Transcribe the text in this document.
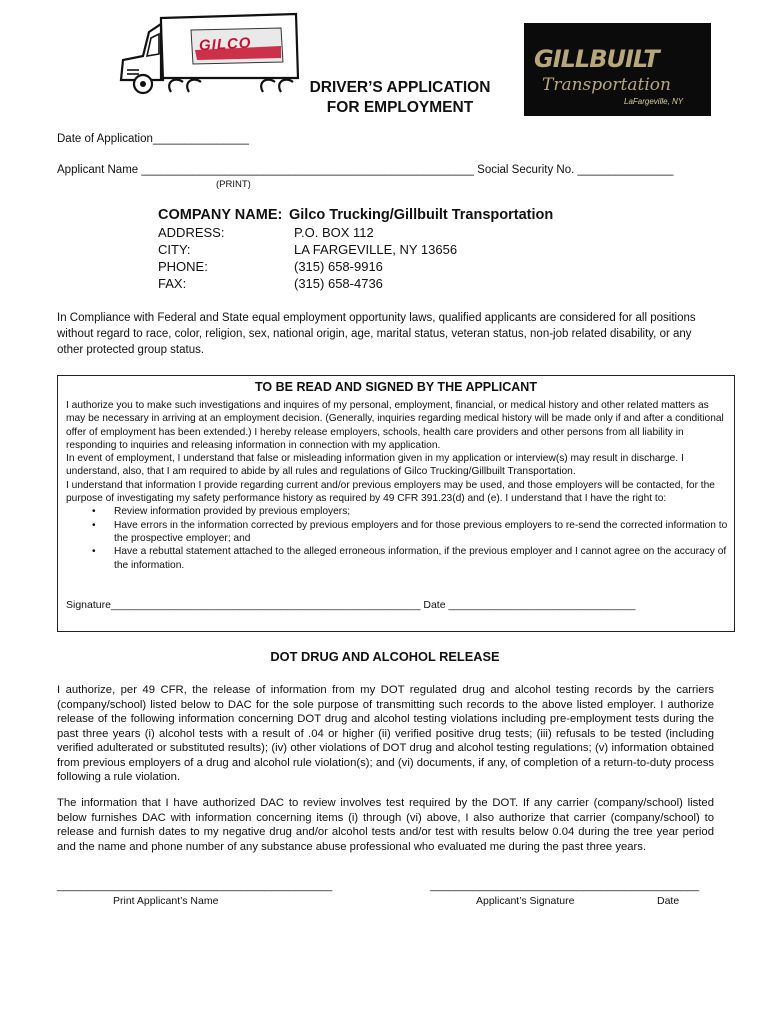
GILCO
GILLBUILT
Transportation
LaFargeville, NY
DRIVER’S APPLICATION
FOR EMPLOYMENT
Date of Application_______________
Applicant Name ____________________________________________________ Social Security No. _______________
(PRINT)
COMPANY NAME: Gilco Trucking/Gillbuilt Transportation
ADDRESS:	P.O. BOX 112
CITY:	LA FARGEVILLE, NY 13656
PHONE:	(315) 658-9916
FAX:	(315) 658-4736
In Compliance with Federal and State equal employment opportunity laws, qualified applicants are considered for all positions without regard to race, color, religion, sex, national origin, age, marital status, veteran status, non-job related disability, or any other protected group status.
TO BE READ AND SIGNED BY THE APPLICANT
I authorize you to make such investigations and inquires of my personal, employment, financial, or medical history and other related matters as may be necessary in arriving at an employment decision. (Generally, inquiries regarding medical history will be made only if and after a conditional offer of employment has been extended.) I hereby release employers, schools, health care providers and other persons from all liability in responding to inquiries and releasing information in connection with my application.
In event of employment, I understand that false or misleading information given in my application or interview(s) may result in discharge. I understand, also, that I am required to abide by all rules and regulations of Gilco Trucking/Gillbuilt Transportation.
I understand that information I provide regarding current and/or previous employers may be used, and those employers will be contacted, for the purpose of investigating my safety performance history as required by 49 CFR 391.23(d) and (e). I understand that I have the right to:
• Review information provided by previous employers;
• Have errors in the information corrected by previous employers and for those previous employers to re-send the corrected information to the prospective employer; and
• Have a rebuttal statement attached to the alleged erroneous information, if the previous employer and I cannot agree on the accuracy of the information.
Signature_____________________________________________________ Date ________________________________
DOT DRUG AND ALCOHOL RELEASE
I authorize, per 49 CFR, the release of information from my DOT regulated drug and alcohol testing records by the carriers (company/school) listed below to DAC for the sole purpose of transmitting such records to the above listed employer. I authorize release of the following information concerning DOT drug and alcohol testing violations including pre-employment tests during the past three years (i) alcohol tests with a result of .04 or higher (ii) verified positive drug tests; (iii) refusals to be tested (including verified adulterated or substituted results); (iv) other violations of DOT drug and alcohol testing regulations; (v) information obtained from previous employers of a drug and alcohol rule violation(s); and (vi) documents, if any, of completion of a return-to-duty process following a rule violation.
The information that I have authorized DAC to review involves test required by the DOT. If any carrier (company/school) listed below furnishes DAC with information concerning items (i) through (vi) above, I also authorize that carrier (company/school) to release and furnish dates to my negative drug and/or alcohol tests and/or test with results below 0.04 during the tree year period and the name and phone number of any substance abuse professional who evaluated me during the past three years.
_____________________________________________	____________________________________________
Print Applicant’s Name	Applicant’s Signature	Date
